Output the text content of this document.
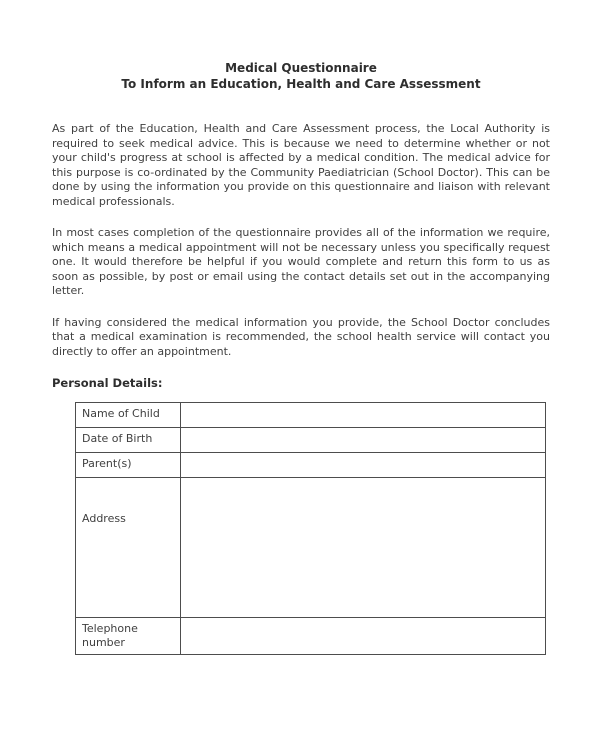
Medical Questionnaire
To Inform an Education, Health and Care Assessment

As part of the Education, Health and Care Assessment process, the Local Authority is required to seek medical advice. This is because we need to determine whether or not your child's progress at school is affected by a medical condition. The medical advice for this purpose is co-ordinated by the Community Paediatrician (School Doctor). This can be done by using the information you provide on this questionnaire and liaison with relevant medical professionals.

In most cases completion of the questionnaire provides all of the information we require, which means a medical appointment will not be necessary unless you specifically request one. It would therefore be helpful if you would complete and return this form to us as soon as possible, by post or email using the contact details set out in the accompanying letter.

If having considered the medical information you provide, the School Doctor concludes that a medical examination is recommended, the school health service will contact you directly to offer an appointment.

Personal Details:
Name of Child	
Date of Birth	
Parent(s)	
Address	
Telephone number	
